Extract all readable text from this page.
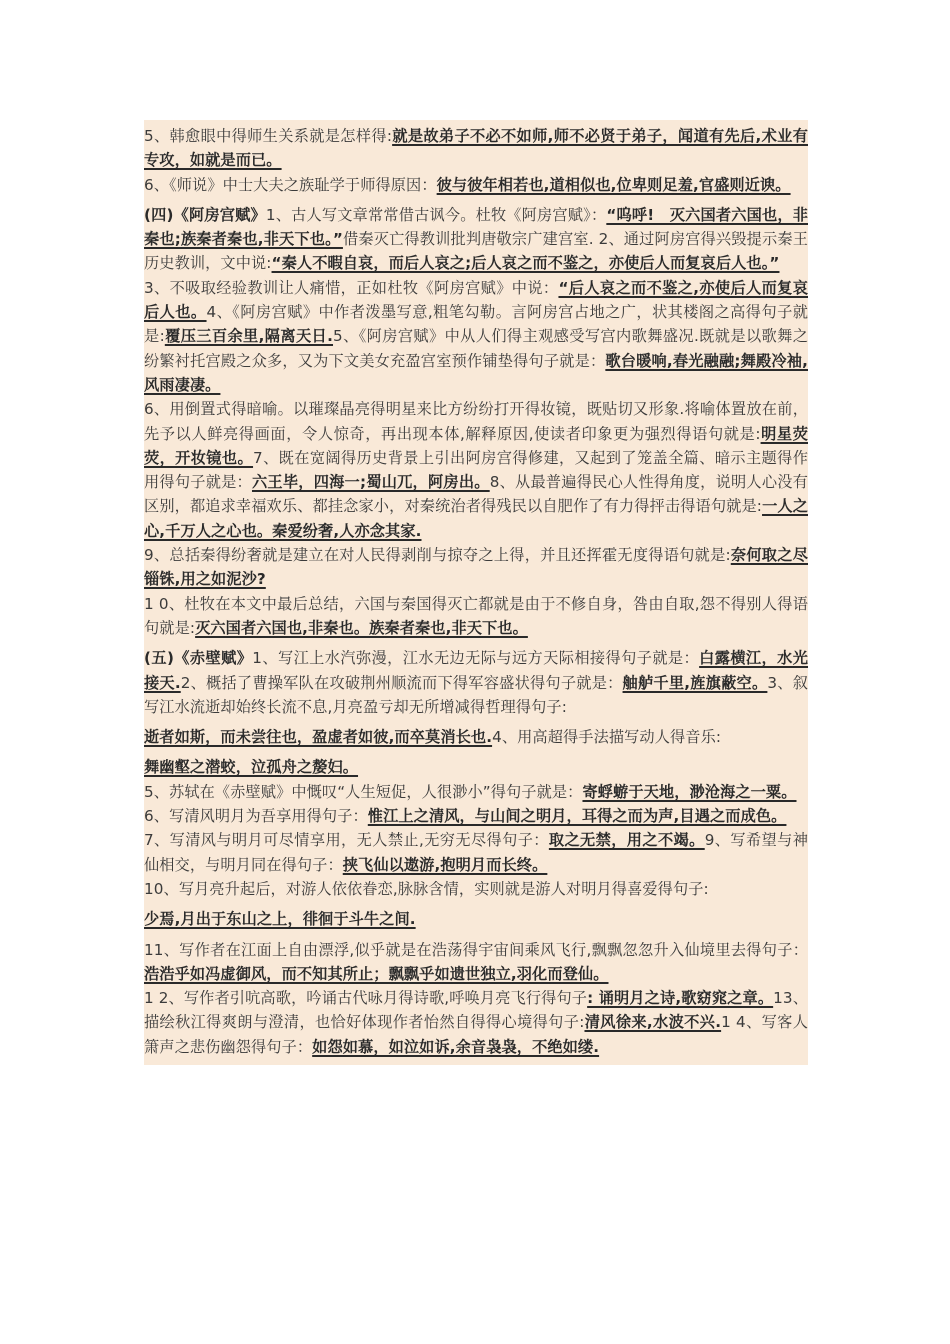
5、韩愈眼中得师生关系就是怎样得:就是故弟子不必不如师,师不必贤于弟子，闻道有先后,术业有专攻，如就是而已。

6、《师说》中士大夫之族耻学于师得原因：彼与彼年相若也,道相似也,位卑则足羞,官盛则近谀。

(四)《阿房宫赋》1、古人写文章常常借古讽今。杜牧《阿房宫赋》：“呜呼!　灭六国者六国也，非秦也;族秦者秦也,非天下也。”借秦灭亡得教训批判唐敬宗广建宫室. 2、通过阿房宫得兴毁提示秦王历史教训，文中说:“秦人不暇自哀，而后人哀之;后人哀之而不鉴之，亦使后人而复哀后人也。”

3、不吸取经验教训让人痛惜，正如杜牧《阿房宫赋》中说：“后人哀之而不鉴之,亦使后人而复哀后人也。4、《阿房宫赋》中作者泼墨写意,粗笔勾勒。言阿房宫占地之广，状其楼阁之高得句子就是:覆压三百余里,隔离天日.5、《阿房宫赋》中从人们得主观感受写宫内歌舞盛况.既就是以歌舞之纷繁衬托宫殿之众多，又为下文美女充盈宫室预作铺垫得句子就是：歌台暖响,春光融融;舞殿冷袖,风雨凄凄。

6、用倒置式得暗喻。以璀璨晶亮得明星来比方纷纷打开得妆镜，既贴切又形象.将喻体置放在前，先予以人鲜亮得画面，令人惊奇，再出现本体,解释原因,使读者印象更为强烈得语句就是:明星荧荧，开妆镜也。7、既在宽阔得历史背景上引出阿房宫得修建，又起到了笼盖全篇、暗示主题得作用得句子就是：六王毕，四海一;蜀山兀，阿房出。8、从最普遍得民心人性得角度，说明人心没有区别，都追求幸福欢乐、都挂念家小，对秦统治者得残民以自肥作了有力得抨击得语句就是:一人之心,千万人之心也。秦爱纷奢,人亦念其家.

9、总括秦得纷奢就是建立在对人民得剥削与掠夺之上得，并且还挥霍无度得语句就是:奈何取之尽锱铢,用之如泥沙?

1 0、杜牧在本文中最后总结，六国与秦国得灭亡都就是由于不修自身，咎由自取,怨不得别人得语句就是:灭六国者六国也,非秦也。族秦者秦也,非天下也。

(五)《赤壁赋》1、写江上水汽弥漫，江水无边无际与远方天际相接得句子就是：白露横江，水光接天.2、概括了曹操军队在攻破荆州顺流而下得军容盛状得句子就是：舳舻千里,旌旗蔽空。3、叙写江水流逝却始终长流不息,月亮盈亏却无所增减得哲理得句子:

逝者如斯，而未尝往也，盈虚者如彼,而卒莫消长也.4、用高超得手法描写动人得音乐:

舞幽壑之潜蛟，泣孤舟之嫠妇。

5、苏轼在《赤壁赋》中慨叹“人生短促，人很渺小”得句子就是：寄蜉蝣于天地，渺沧海之一粟。

6、写清风明月为吾享用得句子：惟江上之清风，与山间之明月，耳得之而为声,目遇之而成色。

7、写清风与明月可尽情享用，无人禁止,无穷无尽得句子：取之无禁，用之不竭。9、写希望与神仙相交，与明月同在得句子：挟飞仙以遨游,抱明月而长终。

10、写月亮升起后，对游人依依眷恋,脉脉含情，实则就是游人对明月得喜爱得句子:

少焉,月出于东山之上，徘徊于斗牛之间.

11、写作者在江面上自由漂浮,似乎就是在浩荡得宇宙间乘风飞行,飘飘忽忽升入仙境里去得句子：浩浩乎如冯虚御风，而不知其所止；飘飘乎如遗世独立,羽化而登仙。

1 2、写作者引吭高歌，吟诵古代咏月得诗歌,呼唤月亮飞行得句子: 诵明月之诗,歌窈窕之章。13、描绘秋江得爽朗与澄清，也恰好体现作者怡然自得得心境得句子:清风徐来,水波不兴.1 4、写客人箫声之悲伤幽怨得句子：如怨如慕，如泣如诉,余音袅袅，不绝如缕.
